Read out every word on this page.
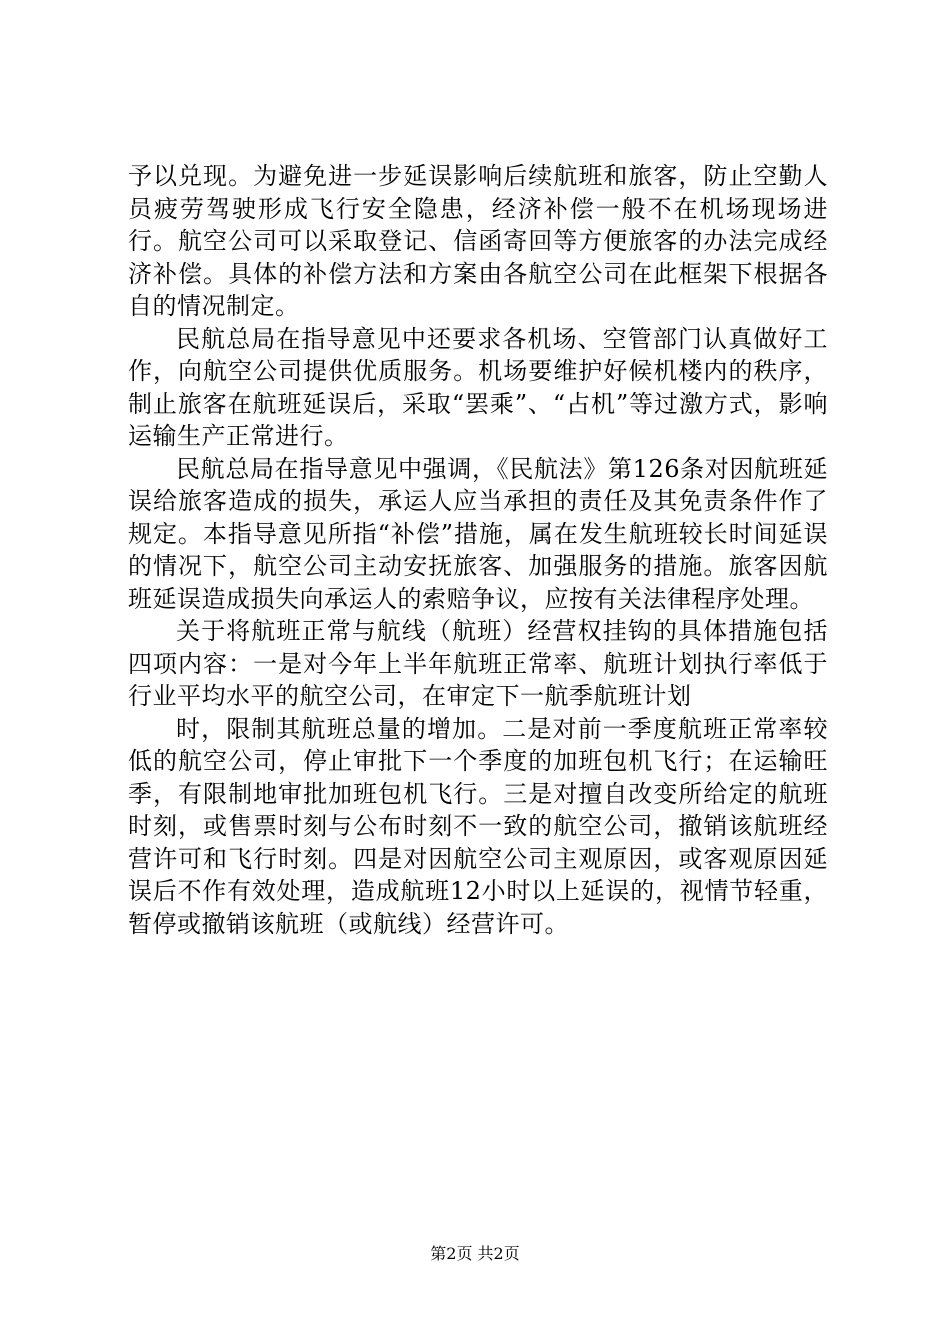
予以兑现。为避免进一步延误影响后续航班和旅客，防止空勤人员疲劳驾驶形成飞行安全隐患，经济补偿一般不在机场现场进行。航空公司可以采取登记、信函寄回等方便旅客的办法完成经济补偿。具体的补偿方法和方案由各航空公司在此框架下根据各自的情况制定。

民航总局在指导意见中还要求各机场、空管部门认真做好工作，向航空公司提供优质服务。机场要维护好候机楼内的秩序，制止旅客在航班延误后，采取“罢乘”、“占机”等过激方式，影响运输生产正常进行。

民航总局在指导意见中强调，《民航法》第126条对因航班延误给旅客造成的损失，承运人应当承担的责任及其免责条件作了规定。本指导意见所指“补偿”措施，属在发生航班较长时间延误的情况下，航空公司主动安抚旅客、加强服务的措施。旅客因航班延误造成损失向承运人的索赔争议，应按有关法律程序处理。

关于将航班正常与航线（航班）经营权挂钩的具体措施包括四项内容：一是对今年上半年航班正常率、航班计划执行率低于行业平均水平的航空公司，在审定下一航季航班计划

时，限制其航班总量的增加。二是对前一季度航班正常率较低的航空公司，停止审批下一个季度的加班包机飞行；在运输旺季，有限制地审批加班包机飞行。三是对擅自改变所给定的航班时刻，或售票时刻与公布时刻不一致的航空公司，撤销该航班经营许可和飞行时刻。四是对因航空公司主观原因，或客观原因延误后不作有效处理，造成航班12小时以上延误的，视情节轻重，暂停或撤销该航班（或航线）经营许可。

第2页 共2页
